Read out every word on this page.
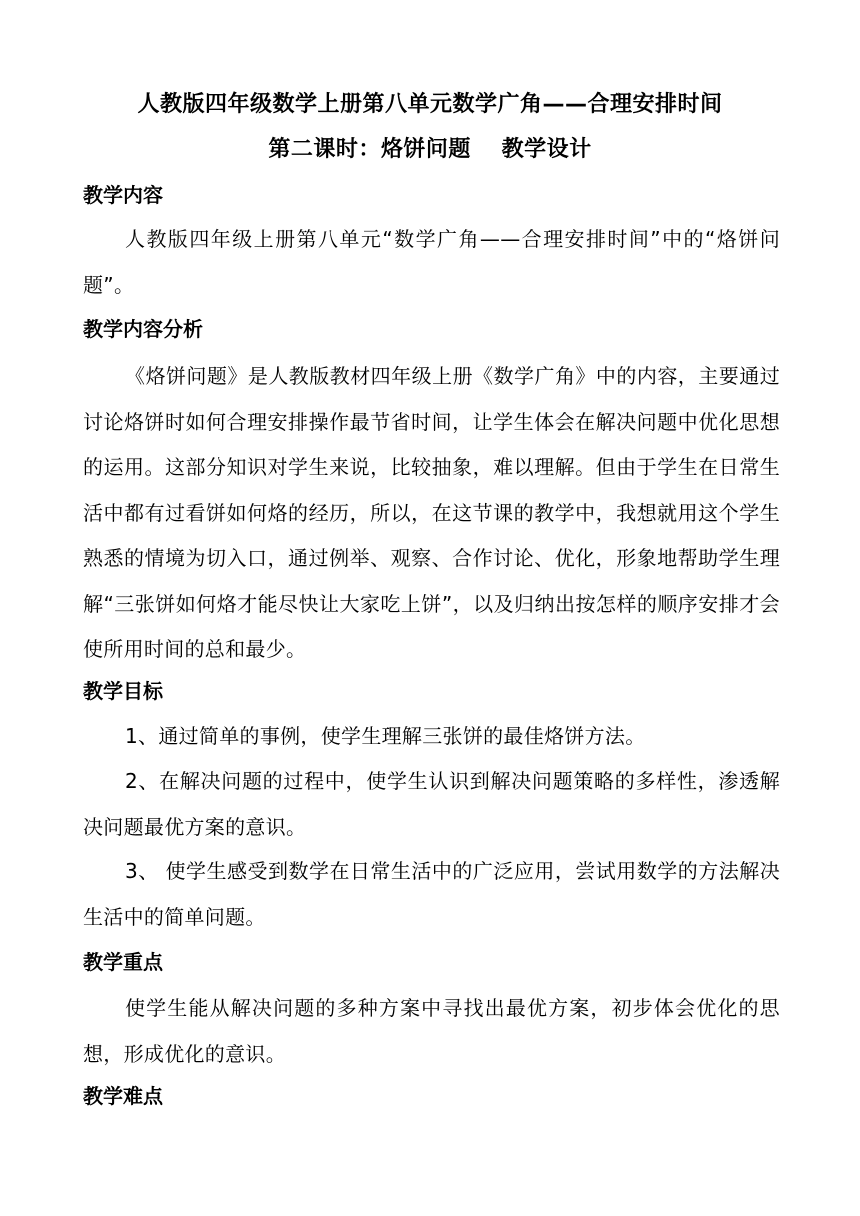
人教版四年级数学上册第八单元数学广角——合理安排时间
第二课时：烙饼问题　 教学设计
教学内容

人教版四年级上册第八单元“数学广角——合理安排时间”中的“烙饼问题”。

教学内容分析

《烙饼问题》是人教版教材四年级上册《数学广角》中的内容，主要通过讨论烙饼时如何合理安排操作最节省时间，让学生体会在解决问题中优化思想的运用。这部分知识对学生来说，比较抽象，难以理解。但由于学生在日常生活中都有过看饼如何烙的经历，所以，在这节课的教学中，我想就用这个学生熟悉的情境为切入口，通过例举、观察、合作讨论、优化，形象地帮助学生理解“三张饼如何烙才能尽快让大家吃上饼”，以及归纳出按怎样的顺序安排才会使所用时间的总和最少。

教学目标

1、通过简单的事例，使学生理解三张饼的最佳烙饼方法。

2、在解决问题的过程中，使学生认识到解决问题策略的多样性，渗透解决问题最优方案的意识。

3、 使学生感受到数学在日常生活中的广泛应用，尝试用数学的方法解决生活中的简单问题。

教学重点

使学生能从解决问题的多种方案中寻找出最优方案，初步体会优化的思想，形成优化的意识。

教学难点
